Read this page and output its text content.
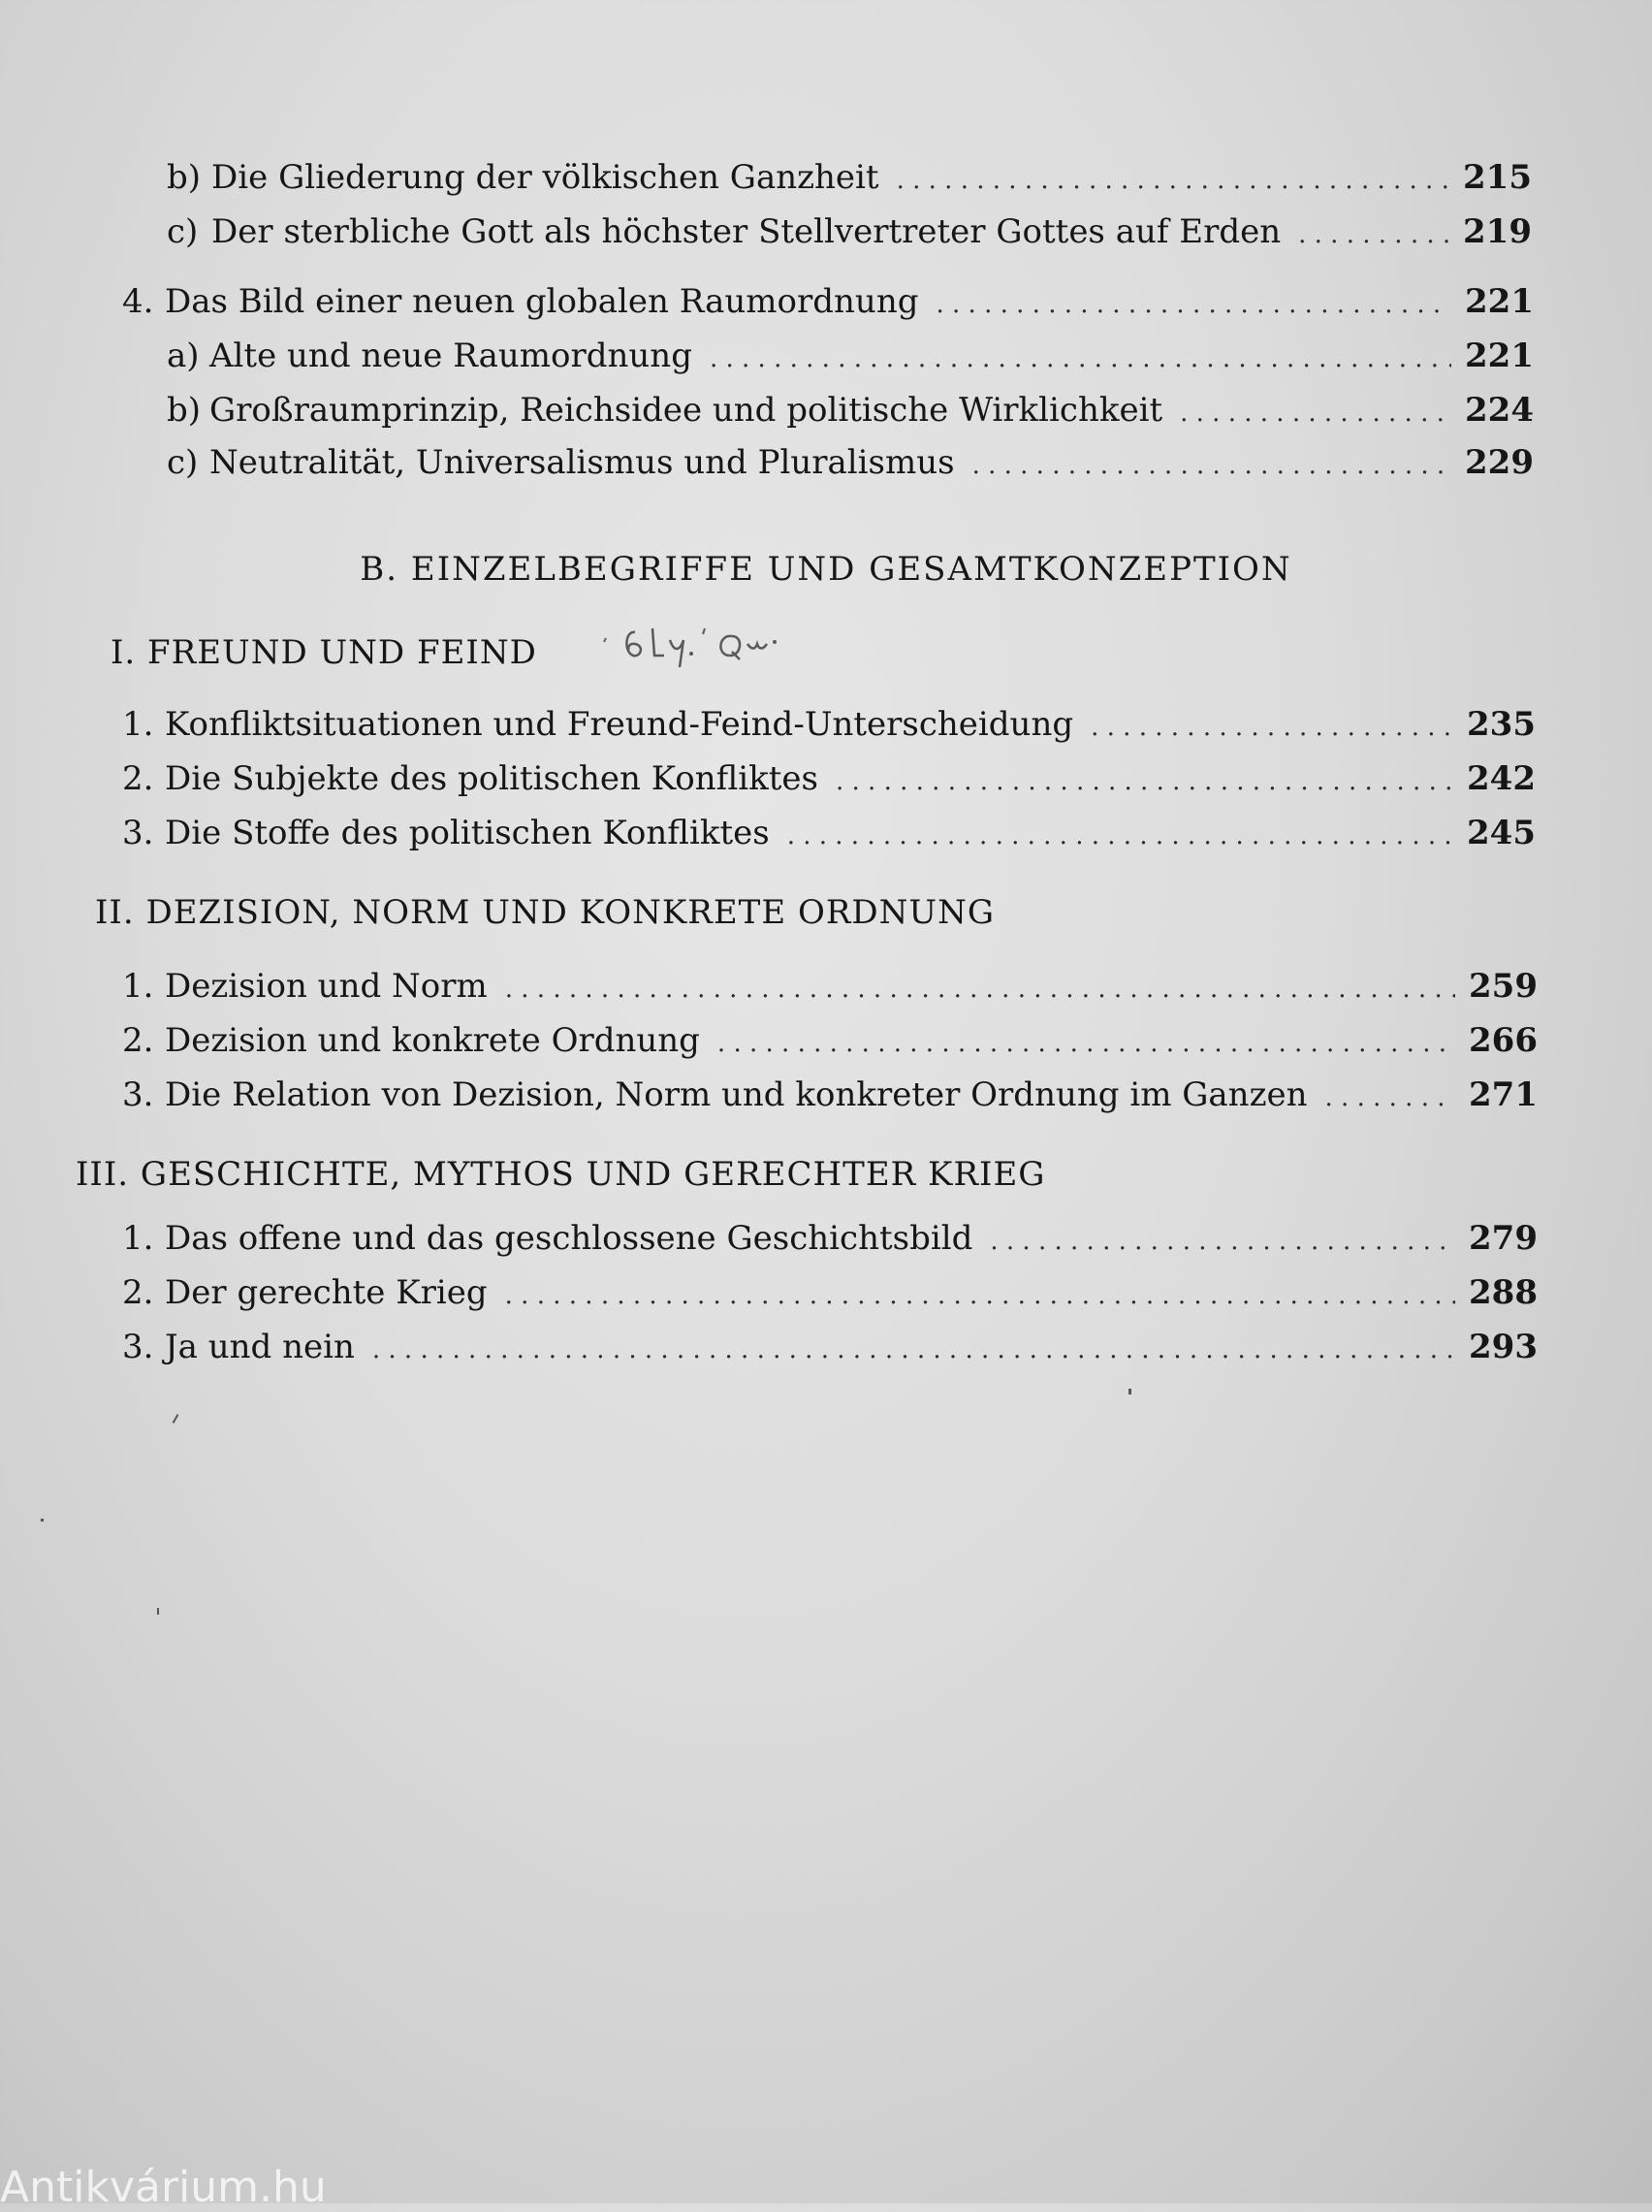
b) Die Gliederung der völkischen Ganzheit . . .	215
c) Der sterbliche Gott als höchster Stellvertreter Gottes auf Erden . . .	219
4. Das Bild einer neuen globalen Raumordnung . . .	221
a) Alte und neue Raumordnung . . .	221
b) Großraumprinzip, Reichsidee und politische Wirklichkeit . . .	224
c) Neutralität, Universalismus und Pluralismus . . .	229
B. EINZELBEGRIFFE UND GESAMTKONZEPTION
I. FREUND UND FEIND
1. Konfliktsituationen und Freund-Feind-Unterscheidung . . .	235
2. Die Subjekte des politischen Konfliktes . . .	242
3. Die Stoffe des politischen Konfliktes . . .	245
II. DEZISION, NORM UND KONKRETE ORDNUNG
1. Dezision und Norm . . .	259
2. Dezision und konkrete Ordnung . . .	266
3. Die Relation von Dezision, Norm und konkreter Ordnung im Ganzen . . .	271
III. GESCHICHTE, MYTHOS UND GERECHTER KRIEG
1. Das offene und das geschlossene Geschichtsbild . . .	279
2. Der gerechte Krieg . . .	288
3. Ja und nein . . .	293
Antikvárium.hu
